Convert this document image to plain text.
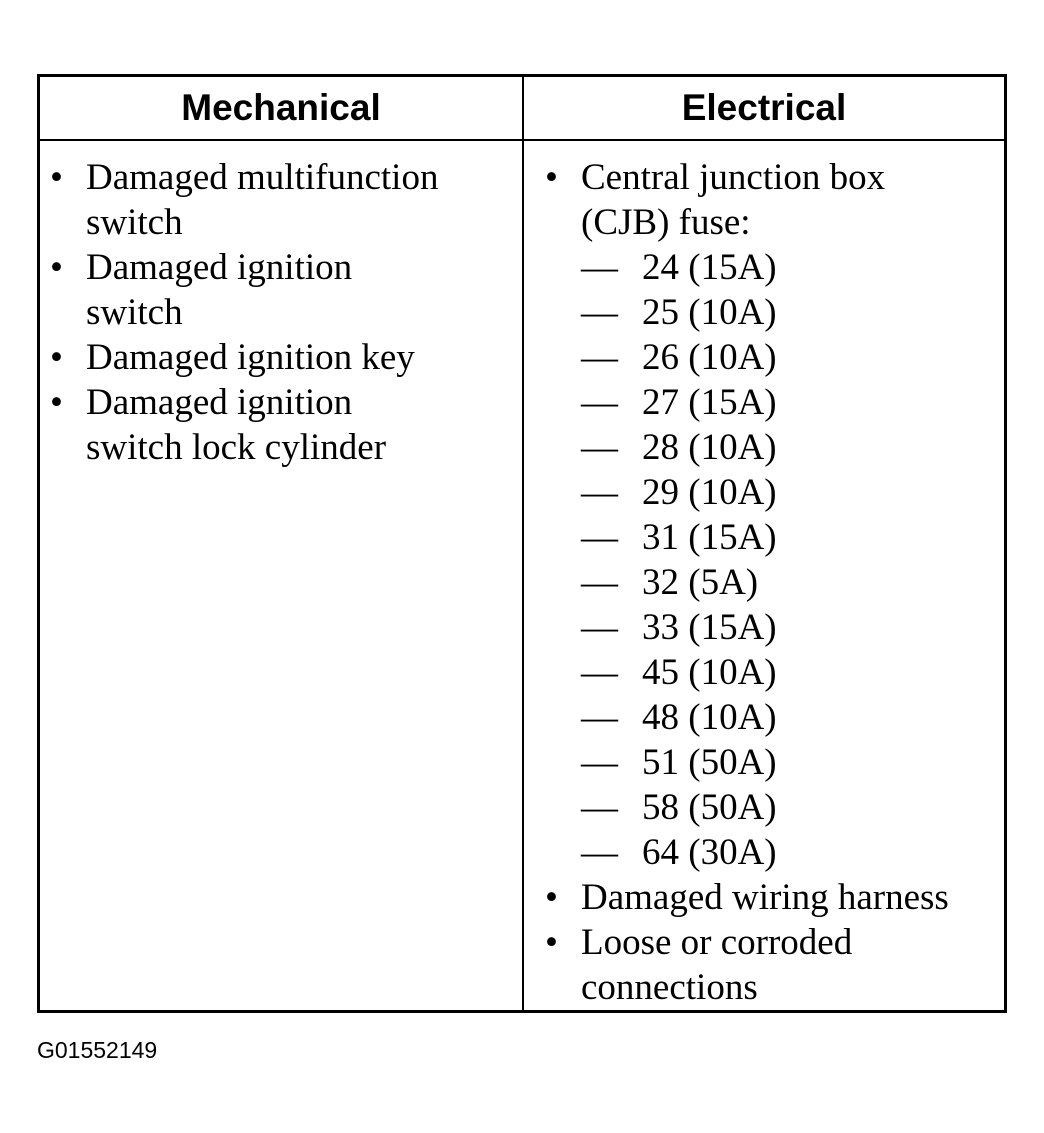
Mechanical	Electrical
• Damaged multifunction
switch
• Damaged ignition
switch
• Damaged ignition key
• Damaged ignition
switch lock cylinder
• Central junction box
(CJB) fuse:
— 24 (15A)
— 25 (10A)
— 26 (10A)
— 27 (15A)
— 28 (10A)
— 29 (10A)
— 31 (15A)
— 32 (5A)
— 33 (15A)
— 45 (10A)
— 48 (10A)
— 51 (50A)
— 58 (50A)
— 64 (30A)
• Damaged wiring harness
• Loose or corroded
connections
G01552149
